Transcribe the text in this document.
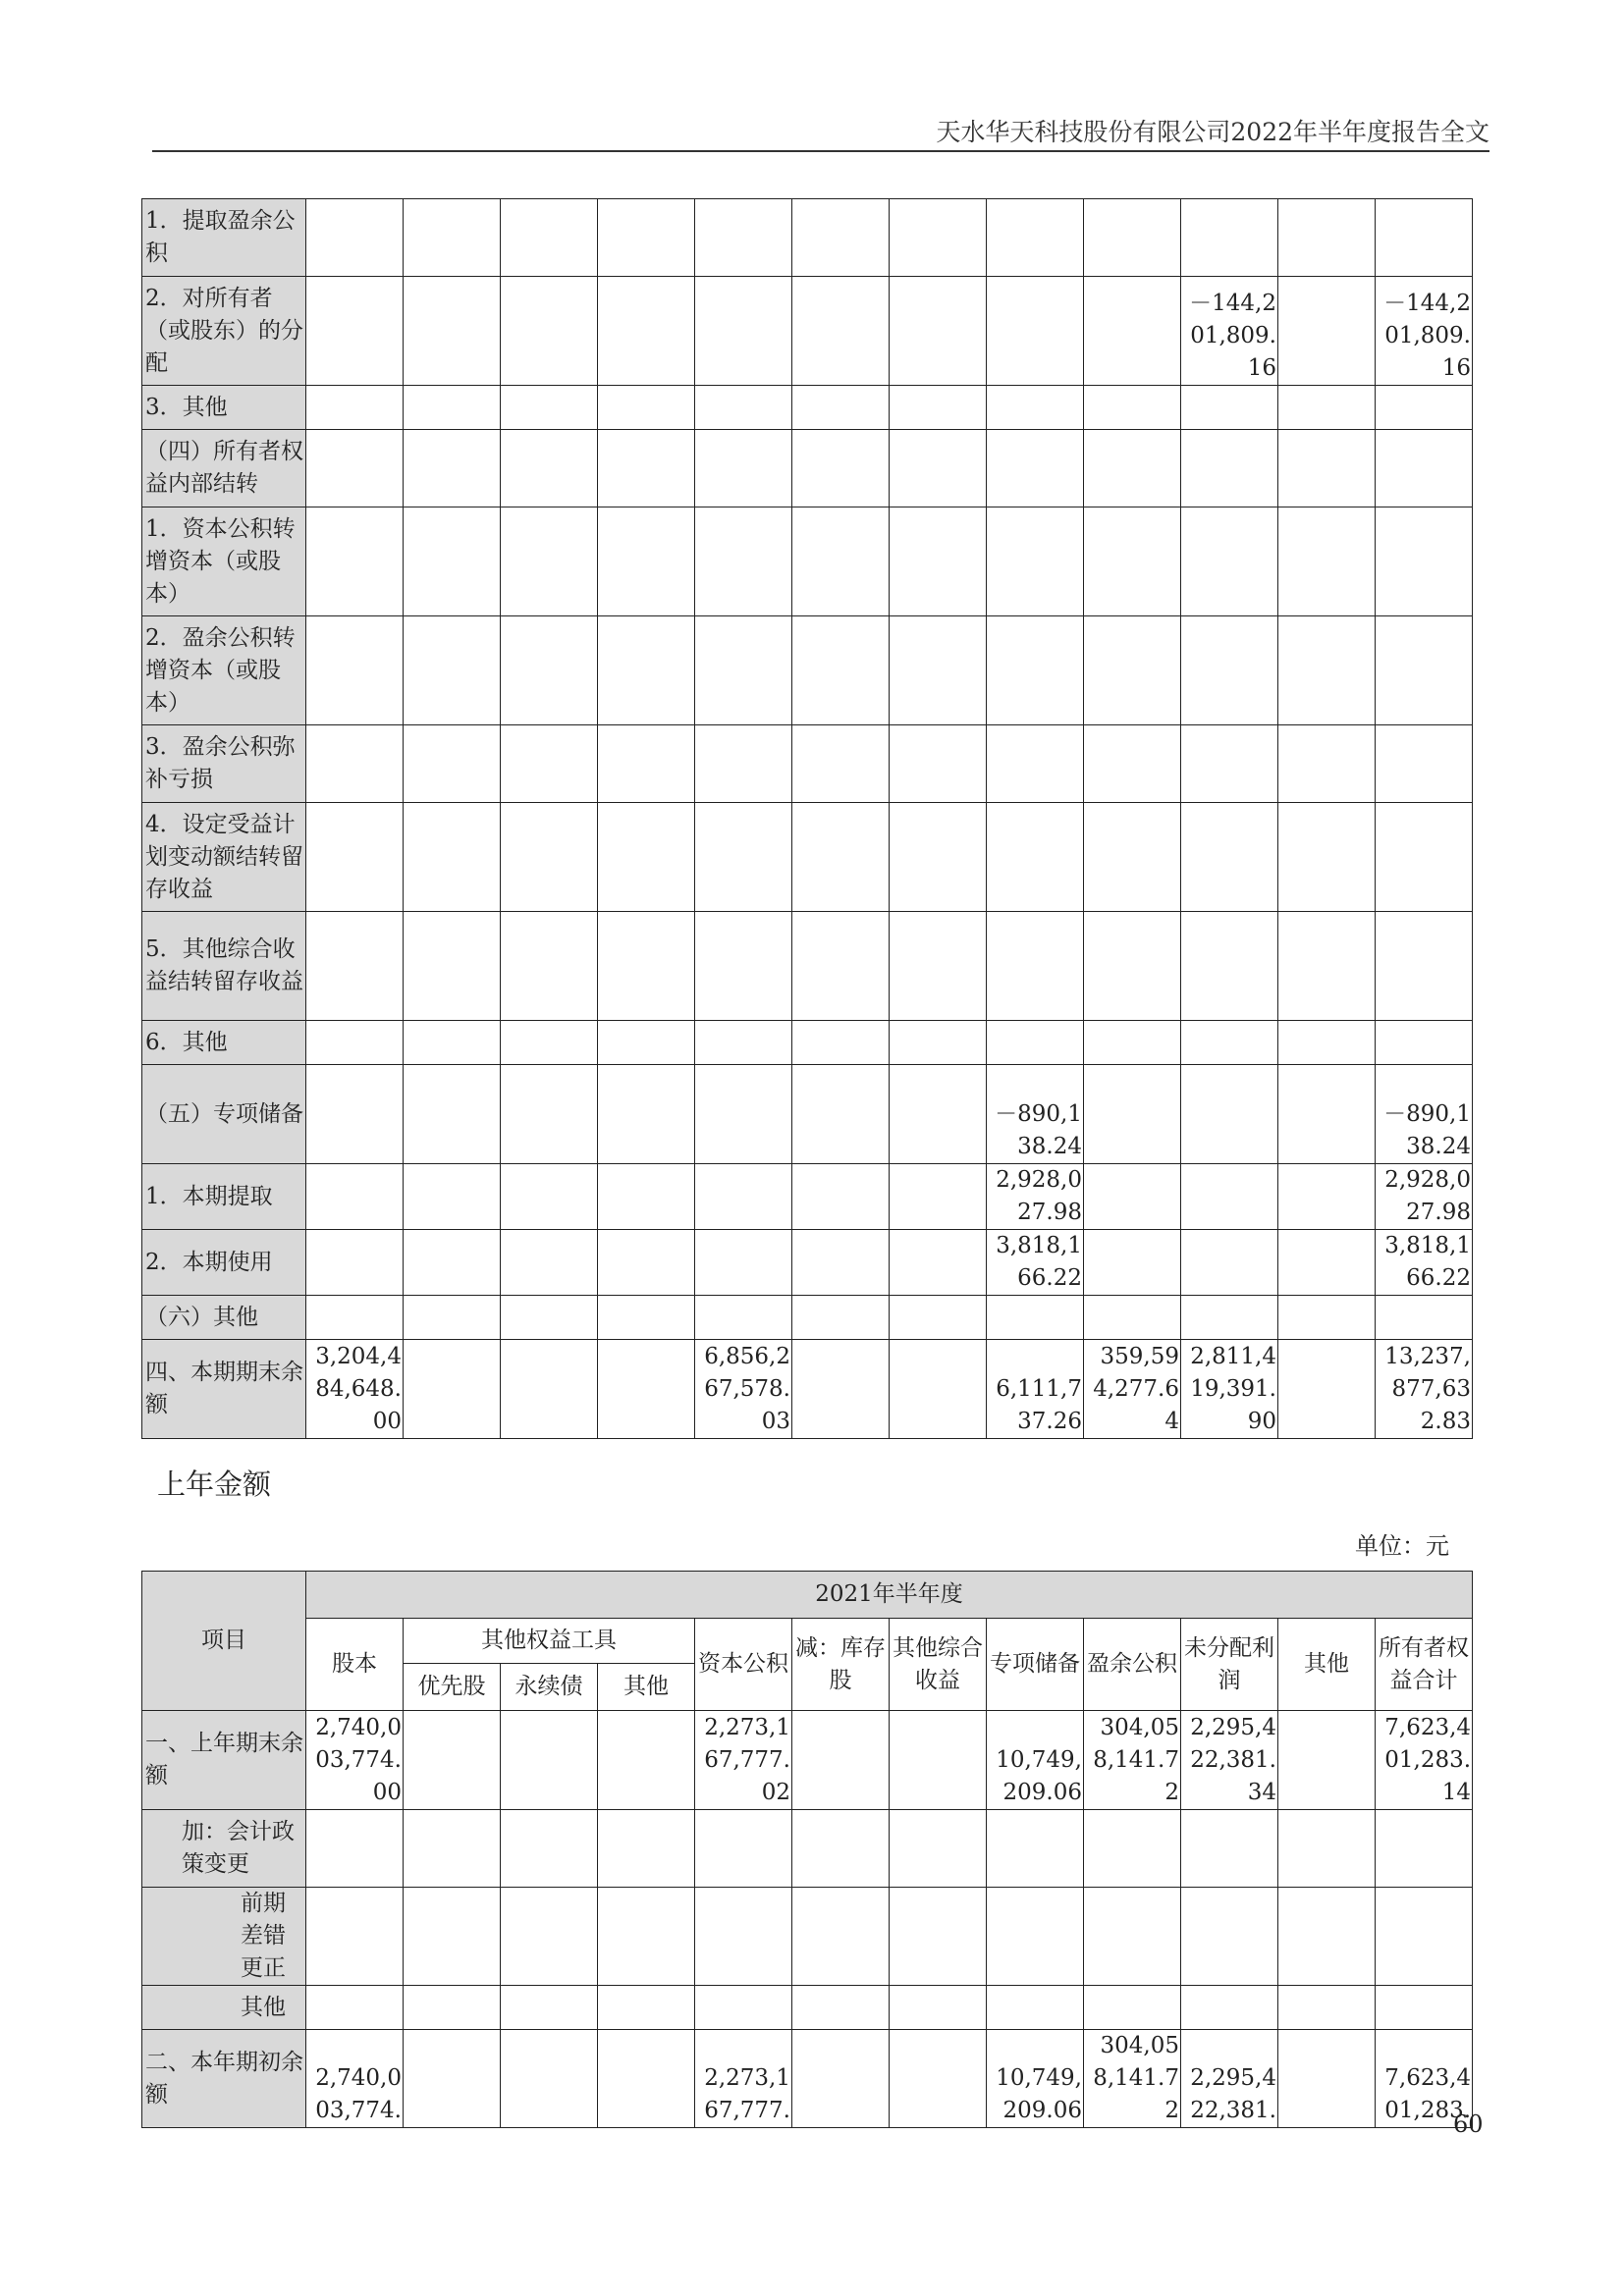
天水华天科技股份有限公司2022年半年度报告全文
1．提取盈余公积												
2．对所有者（或股东）的分配										－144,201,809.16		－144,201,809.16
3．其他												
（四）所有者权益内部结转												
1．资本公积转增资本（或股本）												
2．盈余公积转增资本（或股本）												
3．盈余公积弥补亏损												
4．设定受益计划变动额结转留存收益												
5．其他综合收益结转留存收益												
6．其他												
（五）专项储备								－890,138.24				－890,138.24
1．本期提取								2,928,027.98				2,928,027.98
2．本期使用								3,818,166.22				3,818,166.22
（六）其他												
四、本期期末余额	3,204,484,648.00				6,856,267,578.03			6,111,737.26	359,594,277.64	2,811,419,391.90		13,237,877,632.83
上年金额
单位：元
项目	2021年半年度											
	股本	其他权益工具			资本公积	减：库存股	其他综合收益	专项储备	盈余公积	未分配利润	其他	所有者权益合计
		优先股	永续债	其他								
一、上年期末余额	2,740,003,774.00				2,273,167,777.02			10,749,209.06	304,058,141.72	2,295,422,381.34		7,623,401,283.14
加：会计政策变更												
前期差错更正												
其他												
二、本年期初余额	2,740,003,774.				2,273,167,777.			10,749,209.06	304,058,141.72	2,295,422,381.		7,623,401,283.
60
